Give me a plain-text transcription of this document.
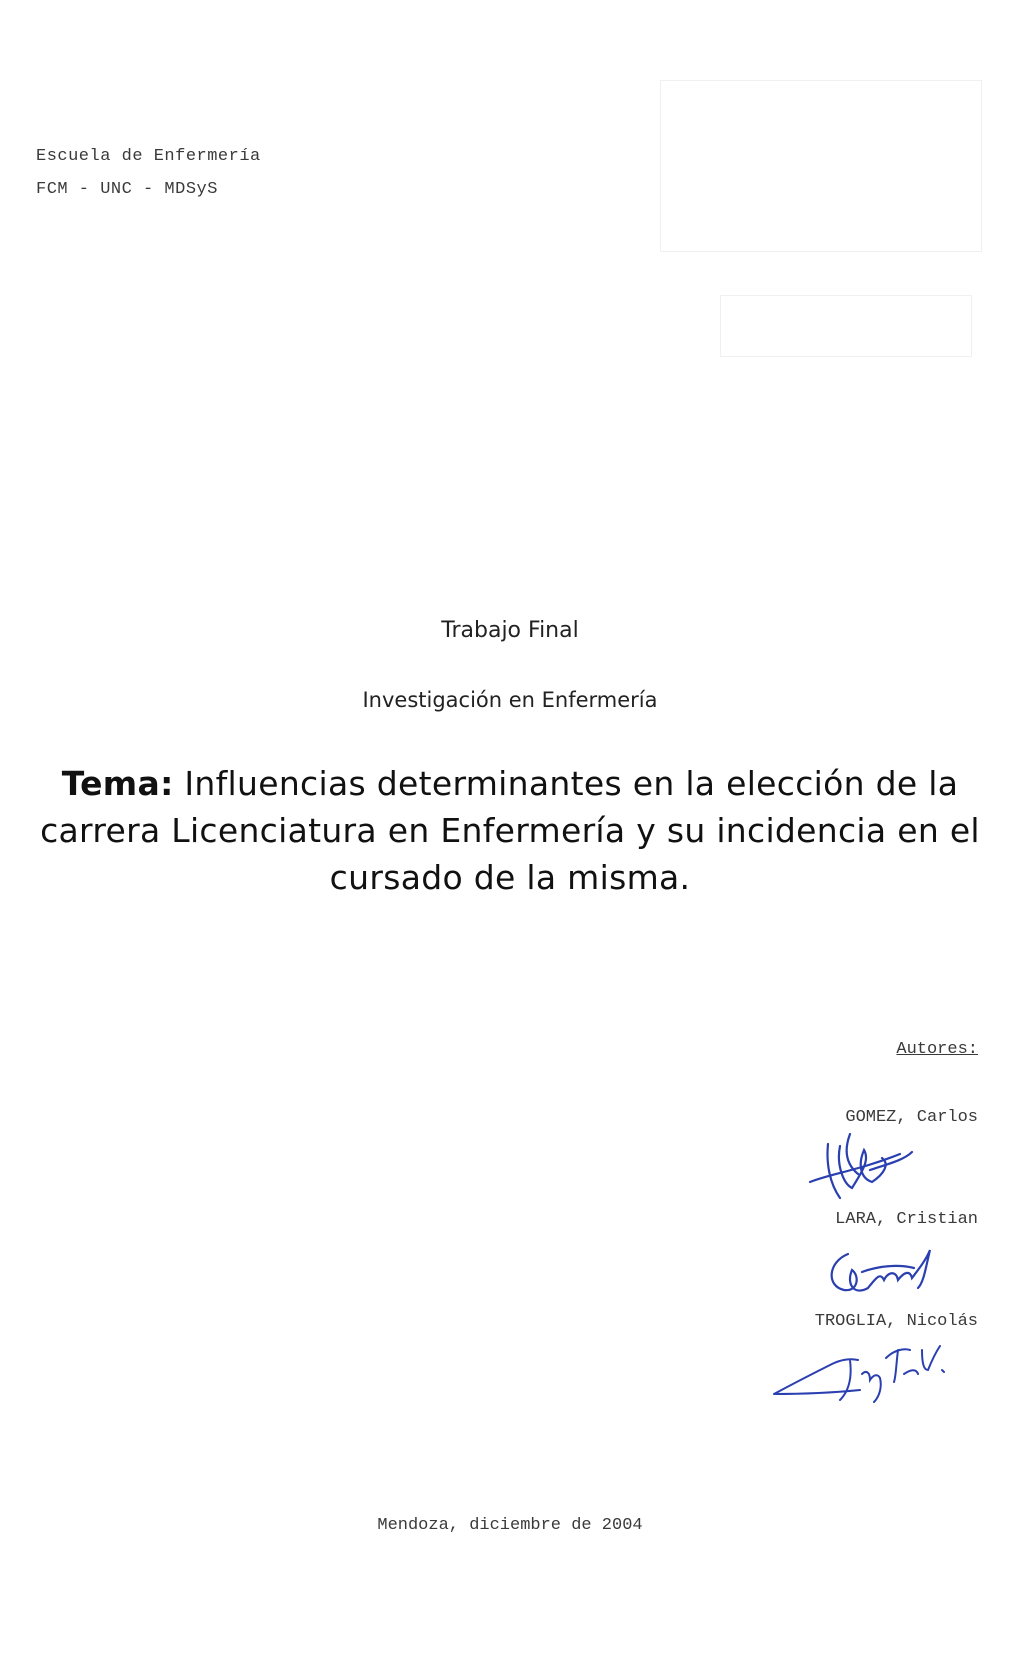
Escuela de Enfermería
FCM - UNC - MDSyS
Trabajo Final
Investigación en Enfermería
Tema: Influencias determinantes en la elección de la carrera Licenciatura en Enfermería y su incidencia en el cursado de la misma.
Autores:
GOMEZ, Carlos
LARA, Cristian
TROGLIA, Nicolás
Mendoza, diciembre de 2004
